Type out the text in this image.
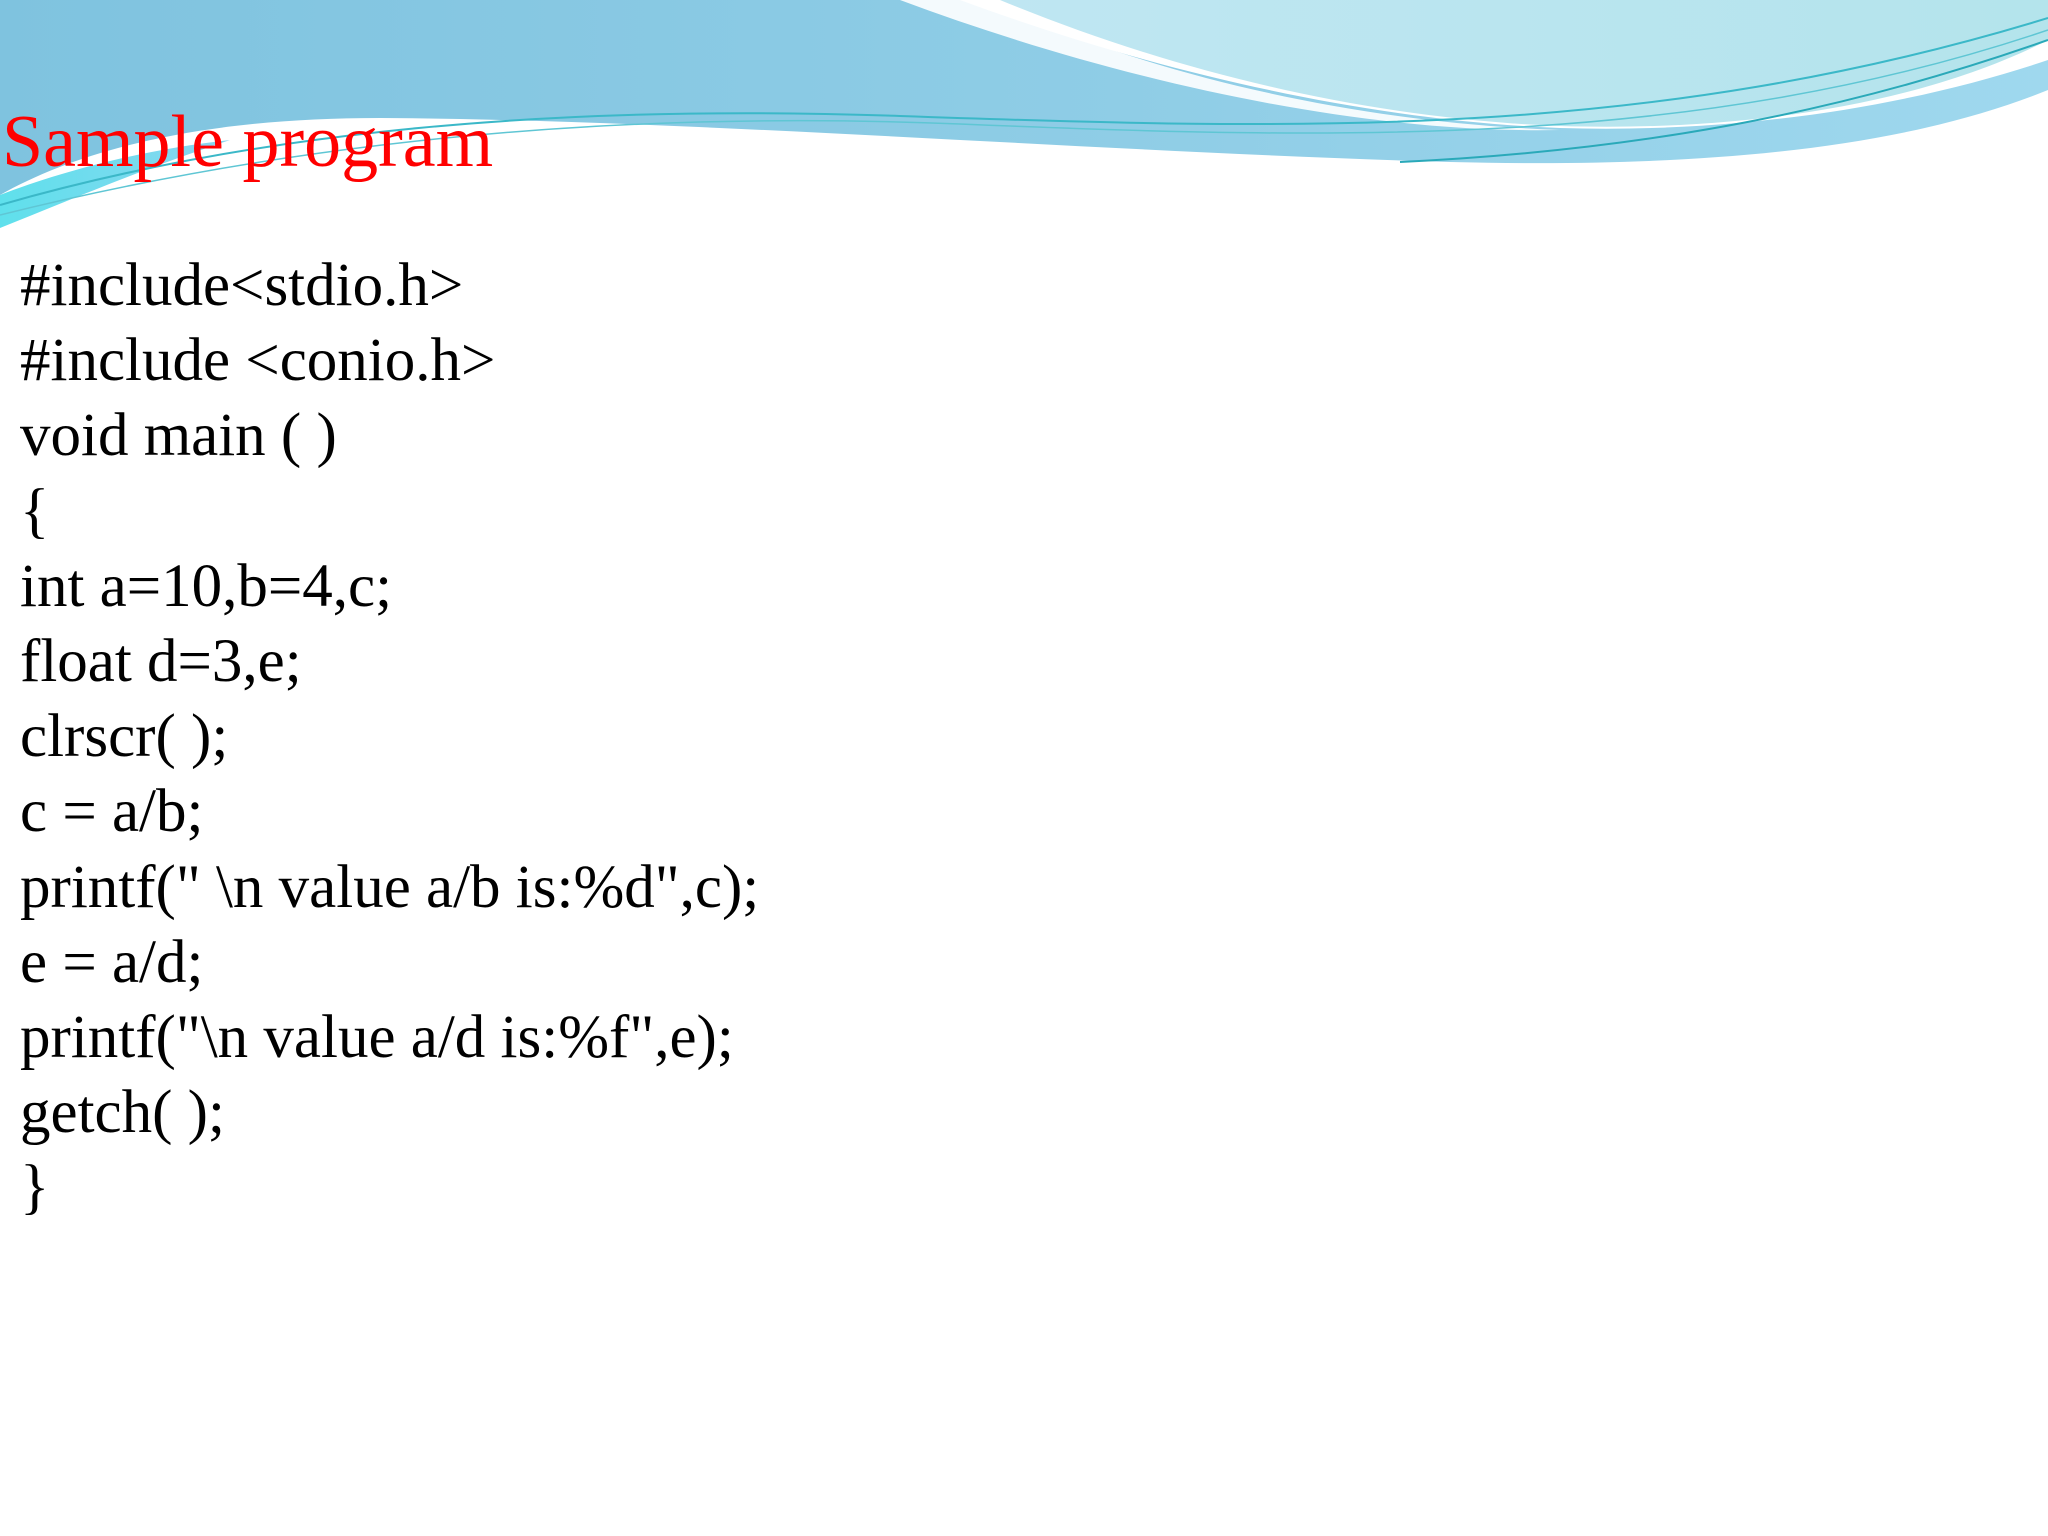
Sample program
#include<stdio.h>
#include <conio.h>
void main ( )
{
int a=10,b=4,c;
float d=3,e;
clrscr( );
c = a/b;
printf(" \n value a/b is:%d",c);
e = a/d;
printf("\n value a/d is:%f",e);
getch( );
}
